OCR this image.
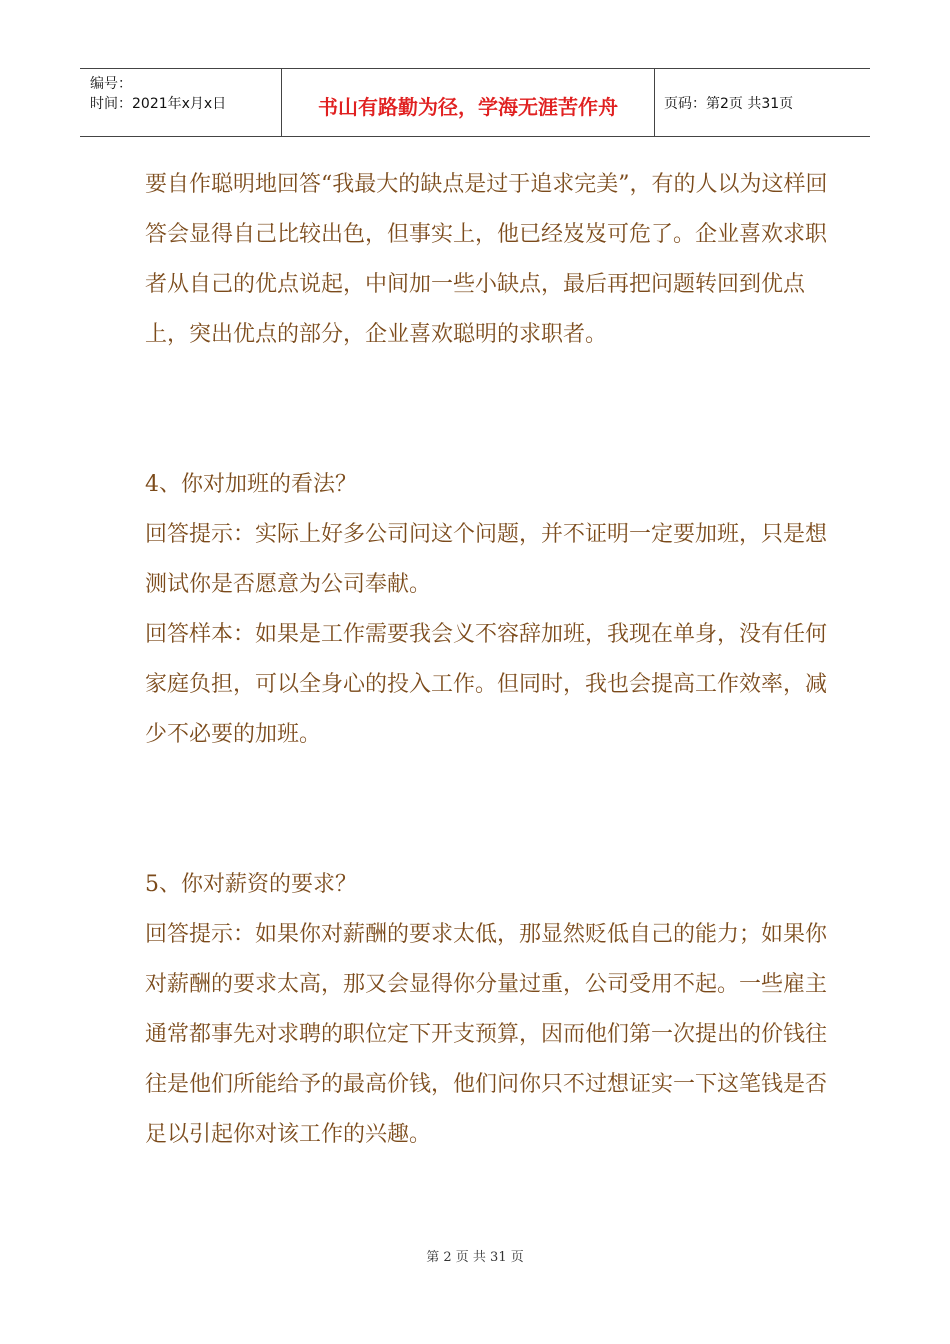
编号：
时间：2021年x月x日	书山有路勤为径，学海无涯苦作舟	页码：第2页 共31页

要自作聪明地回答“我最大的缺点是过于追求完美”，有的人以为这样回答会显得自己比较出色，但事实上，他已经岌岌可危了。企业喜欢求职者从自己的优点说起，中间加一些小缺点，最后再把问题转回到优点上，突出优点的部分，企业喜欢聪明的求职者。

4、你对加班的看法？

回答提示：实际上好多公司问这个问题，并不证明一定要加班，只是想测试你是否愿意为公司奉献。

回答样本：如果是工作需要我会义不容辞加班，我现在单身，没有任何家庭负担，可以全身心的投入工作。但同时，我也会提高工作效率，减少不必要的加班。

5、你对薪资的要求？

回答提示：如果你对薪酬的要求太低，那显然贬低自己的能力；如果你对薪酬的要求太高，那又会显得你分量过重，公司受用不起。一些雇主通常都事先对求聘的职位定下开支预算，因而他们第一次提出的价钱往往是他们所能给予的最高价钱，他们问你只不过想证实一下这笔钱是否足以引起你对该工作的兴趣。

第 2 页 共 31 页
